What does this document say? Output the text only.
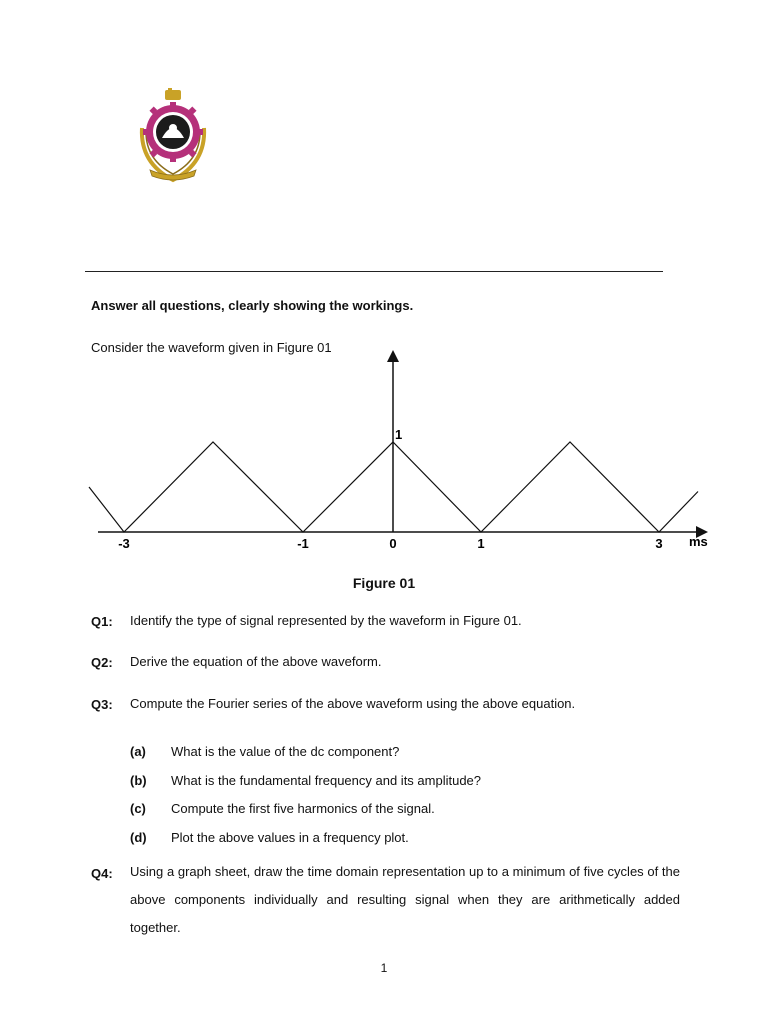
Answer all questions, clearly showing the workings.
Consider the waveform given in Figure 01
-3	-1	0	1	3
1
ms
Figure 01
Q1: Identify the type of signal represented by the waveform in Figure 01.
Q2: Derive the equation of the above waveform.
Q3: Compute the Fourier series of the above waveform using the above equation.
(a) What is the value of the dc component?
(b) What is the fundamental frequency and its amplitude?
(c) Compute the first five harmonics of the signal.
(d) Plot the above values in a frequency plot.
Q4: Using a graph sheet, draw the time domain representation up to a minimum of five cycles of the above components individually and resulting signal when they are arithmetically added together.
1
